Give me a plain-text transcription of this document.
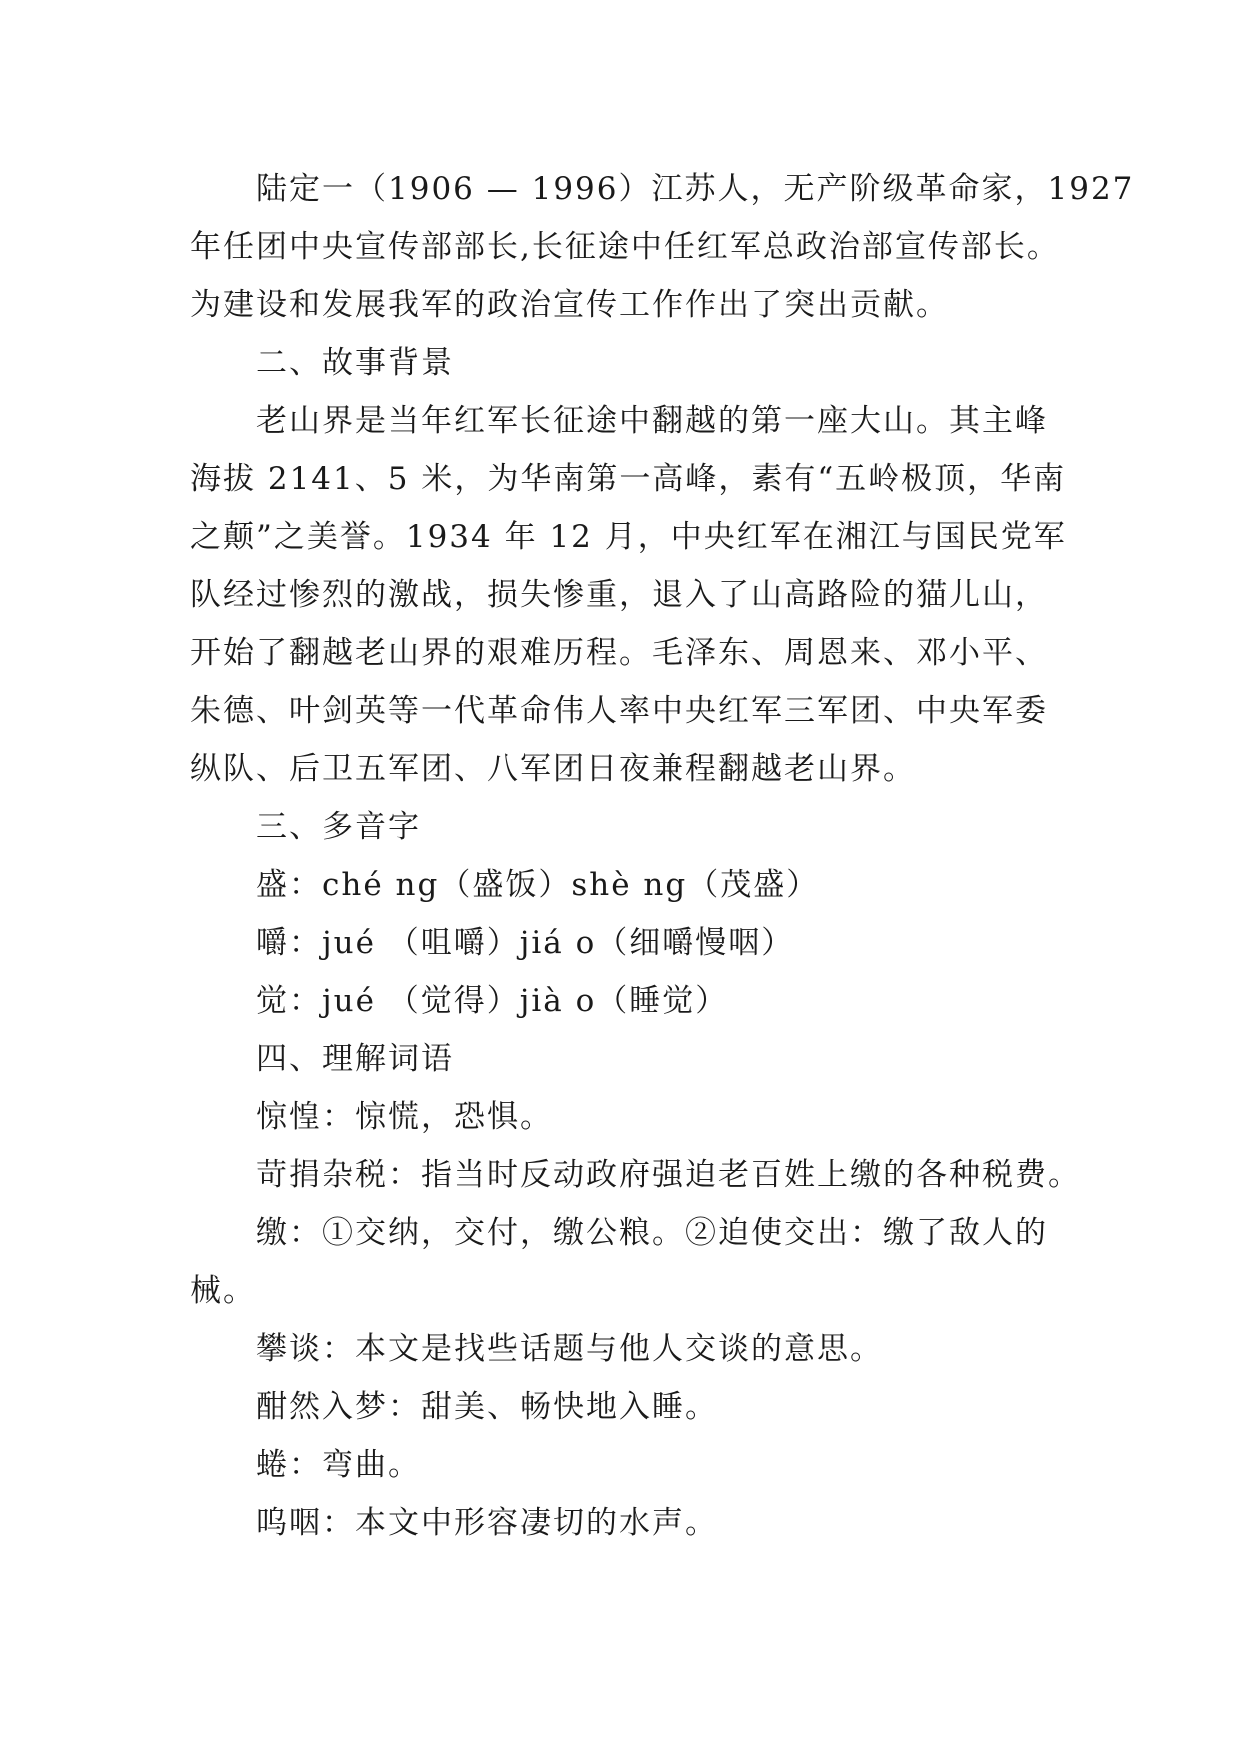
陆定一（1906 — 1996）江苏人，无产阶级革命家，1927
年任团中央宣传部部长,长征途中任红军总政治部宣传部长。
为建设和发展我军的政治宣传工作作出了突出贡献。
二、故事背景
老山界是当年红军长征途中翻越的第一座大山。其主峰
海拔 2141、5 米，为华南第一高峰，素有“五岭极顶，华南
之颠”之美誉。1934 年 12 月，中央红军在湘江与国民党军
队经过惨烈的激战，损失惨重，退入了山高路险的猫儿山，
开始了翻越老山界的艰难历程。毛泽东、周恩来、邓小平、
朱德、叶剑英等一代革命伟人率中央红军三军团、中央军委
纵队、后卫五军团、八军团日夜兼程翻越老山界。
三、多音字
盛：ché ng（盛饭）shè ng（茂盛）
嚼：jué （咀嚼）jiá o（细嚼慢咽）
觉：jué （觉得）jià o（睡觉）
四、理解词语
惊惶：惊慌，恐惧。
苛捐杂税：指当时反动政府强迫老百姓上缴的各种税费。
缴：①交纳，交付，缴公粮。②迫使交出：缴了敌人的
械。
攀谈：本文是找些话题与他人交谈的意思。
酣然入梦：甜美、畅快地入睡。
蜷：弯曲。
呜咽：本文中形容凄切的水声。
